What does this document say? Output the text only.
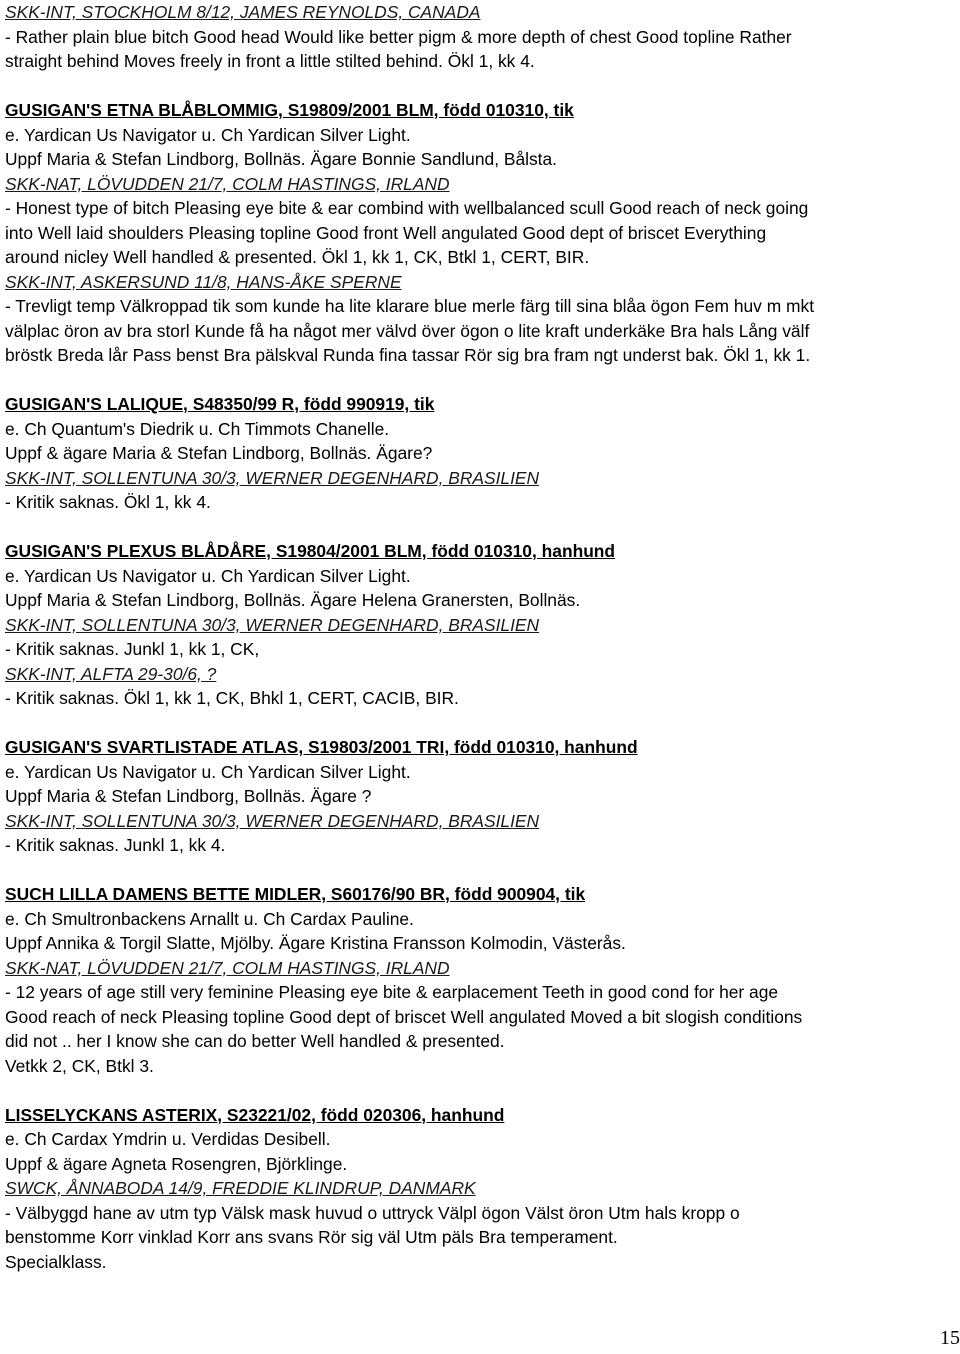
SKK-INT, STOCKHOLM 8/12, JAMES REYNOLDS, CANADA
- Rather plain blue bitch Good head Would like better pigm & more depth of chest Good topline Rather
straight behind Moves freely in front a little stilted behind. Ökl 1, kk 4.
GUSIGAN'S ETNA BLÅBLOMMIG, S19809/2001 BLM, född 010310, tik
e. Yardican Us Navigator u. Ch Yardican Silver Light.
Uppf Maria & Stefan Lindborg, Bollnäs. Ägare Bonnie Sandlund, Bålsta.
SKK-NAT, LÖVUDDEN 21/7, COLM HASTINGS, IRLAND
- Honest type of bitch Pleasing eye bite & ear combind with wellbalanced scull Good reach of neck going
into Well laid shoulders Pleasing topline Good front Well angulated Good dept of briscet Everything
around nicley Well handled & presented. Ökl 1, kk 1, CK, Btkl 1, CERT, BIR.
SKK-INT, ASKERSUND 11/8, HANS-ÅKE SPERNE
- Trevligt temp Välkroppad tik som kunde ha lite klarare blue merle färg till sina blåa ögon Fem huv m mkt
välplac öron av bra storl Kunde få ha något mer välvd över ögon o lite kraft underkäke Bra hals Lång välf
bröstk Breda lår Pass benst Bra pälskval Runda fina tassar Rör sig bra fram ngt underst bak. Ökl 1, kk 1.
GUSIGAN'S LALIQUE, S48350/99 R, född 990919, tik
e. Ch Quantum's Diedrik u. Ch Timmots Chanelle.
Uppf & ägare Maria & Stefan Lindborg, Bollnäs. Ägare?
SKK-INT, SOLLENTUNA 30/3, WERNER DEGENHARD, BRASILIEN
- Kritik saknas. Ökl 1, kk 4.
GUSIGAN'S PLEXUS BLÅDÅRE, S19804/2001 BLM, född 010310, hanhund
e. Yardican Us Navigator u. Ch Yardican Silver Light.
Uppf Maria & Stefan Lindborg, Bollnäs. Ägare Helena Granersten, Bollnäs.
SKK-INT, SOLLENTUNA 30/3, WERNER DEGENHARD, BRASILIEN
- Kritik saknas. Junkl 1, kk 1, CK,
SKK-INT, ALFTA 29-30/6, ?
- Kritik saknas. Ökl 1, kk 1, CK, Bhkl 1, CERT, CACIB, BIR.
GUSIGAN'S SVARTLISTADE ATLAS, S19803/2001 TRI, född 010310, hanhund
e. Yardican Us Navigator u. Ch Yardican Silver Light.
Uppf Maria & Stefan Lindborg, Bollnäs. Ägare ?
SKK-INT, SOLLENTUNA 30/3, WERNER DEGENHARD, BRASILIEN
- Kritik saknas. Junkl 1, kk 4.
SUCH LILLA DAMENS BETTE MIDLER, S60176/90 BR, född 900904, tik
e. Ch Smultronbackens Arnallt u. Ch Cardax Pauline.
Uppf Annika & Torgil Slatte, Mjölby. Ägare Kristina Fransson Kolmodin, Västerås.
SKK-NAT, LÖVUDDEN 21/7, COLM HASTINGS, IRLAND
- 12 years of age still very feminine Pleasing eye bite & earplacement Teeth in good cond for her age
Good reach of neck Pleasing topline Good dept of briscet Well angulated Moved a bit slogish conditions
did not .. her I know she can do better Well handled & presented.
Vetkk 2, CK, Btkl 3.
LISSELYCKANS ASTERIX, S23221/02, född 020306, hanhund
e. Ch Cardax Ymdrin u. Verdidas Desibell.
Uppf & ägare Agneta Rosengren, Björklinge.
SWCK, ÅNNABODA 14/9, FREDDIE KLINDRUP, DANMARK
- Välbyggd hane av utm typ Välsk mask huvud o uttryck Välpl ögon Välst öron Utm hals kropp o
benstomme Korr vinklad Korr ans svans Rör sig väl Utm päls Bra temperament.
Specialklass.
15
